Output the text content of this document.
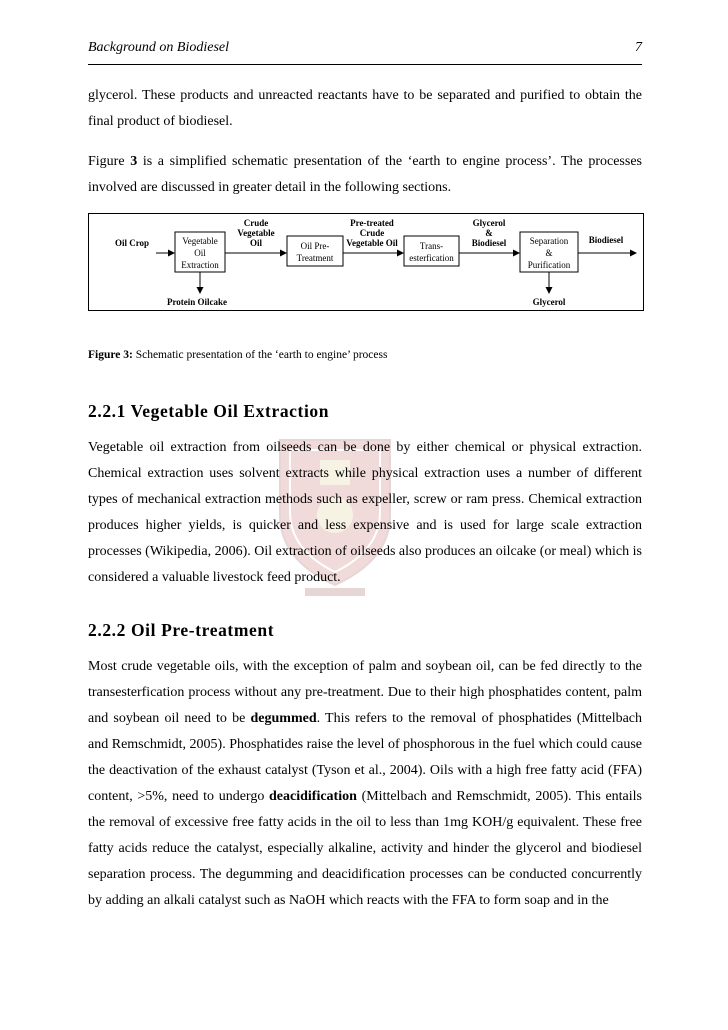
Background on Biodiesel	7

glycerol. These products and unreacted reactants have to be separated and purified to obtain the final product of biodiesel.

Figure 3 is a simplified schematic presentation of the ‘earth to engine process’. The processes involved are discussed in greater detail in the following sections.

Oil Crop	Vegetable
Oil
Extraction
Crude
Vegetable
Oil	Oil Pre-
Treatment
Pre-treated
Crude
Vegetable Oil Trans-
esterfication
Glycerol
&
Biodiesel	Separation
&
Purification
Biodiesel
Protein Oilcake	Glycerol
Figure 3: Schematic presentation of the ‘earth to engine’ process
2.2.1 Vegetable Oil Extraction

Vegetable oil extraction from oilseeds can be done by either chemical or physical extraction. Chemical extraction uses solvent extracts while physical extraction uses a number of different types of mechanical extraction methods such as expeller, screw or ram press. Chemical extraction produces higher yields, is quicker and less expensive and is used for large scale extraction processes (Wikipedia, 2006). Oil extraction of oilseeds also produces an oilcake (or meal) which is considered a valuable livestock feed product.

2.2.2 Oil Pre-treatment

Most crude vegetable oils, with the exception of palm and soybean oil, can be fed directly to the transesterfication process without any pre-treatment. Due to their high phosphatides content, palm and soybean oil need to be degummed. This refers to the removal of phosphatides (Mittelbach and Remschmidt, 2005). Phosphatides raise the level of phosphorous in the fuel which could cause the deactivation of the exhaust catalyst (Tyson et al., 2004). Oils with a high free fatty acid (FFA) content, >5%, need to undergo deacidification (Mittelbach and Remschmidt, 2005). This entails the removal of excessive free fatty acids in the oil to less than 1mg KOH/g equivalent. These free fatty acids reduce the catalyst, especially alkaline, activity and hinder the glycerol and biodiesel separation process. The degumming and deacidification processes can be conducted concurrently by adding an alkali catalyst such as NaOH which reacts with the FFA to form soap and in the
